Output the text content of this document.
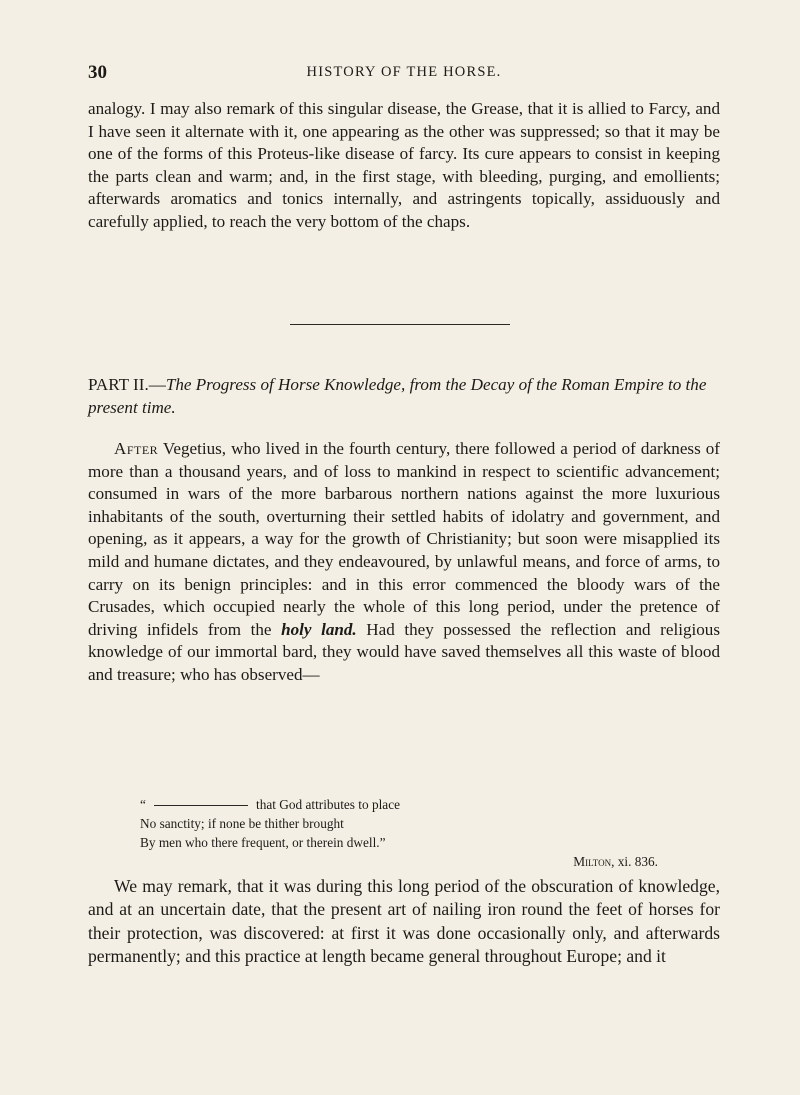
30	HISTORY OF THE HORSE.

analogy. I may also remark of this singular disease, the Grease, that it is allied to Farcy, and I have seen it alternate with it, one appearing as the other was suppressed; so that it may be one of the forms of this Proteus-like disease of farcy. Its cure appears to consist in keeping the parts clean and warm; and, in the first stage, with bleeding, purging, and emollients; afterwards aromatics and tonics internally, and astringents topically, assiduously and carefully applied, to reach the very bottom of the chaps.

PART II.—The Progress of Horse Knowledge, from the Decay of the Roman Empire to the present time.

After Vegetius, who lived in the fourth century, there followed a period of darkness of more than a thousand years, and of loss to mankind in respect to scientific advancement; consumed in wars of the more barbarous northern nations against the more luxurious inhabitants of the south, overturning their settled habits of idolatry and government, and opening, as it appears, a way for the growth of Christianity; but soon were misapplied its mild and humane dictates, and they endeavoured, by unlawful means, and force of arms, to carry on its benign principles: and in this error commenced the bloody wars of the Crusades, which occupied nearly the whole of this long period, under the pretence of driving infidels from the holy land. Had they possessed the reflection and religious knowledge of our immortal bard, they would have saved themselves all this waste of blood and treasure; who has observed—

“	that God attributes to place
No sanctity; if none be thither brought
By men who there frequent, or therein dwell.”
Milton, xi. 836.

We may remark, that it was during this long period of the obscuration of knowledge, and at an uncertain date, that the present art of nailing iron round the feet of horses for their protection, was discovered: at first it was done occasionally only, and afterwards permanently; and this practice at length became general throughout Europe; and it
